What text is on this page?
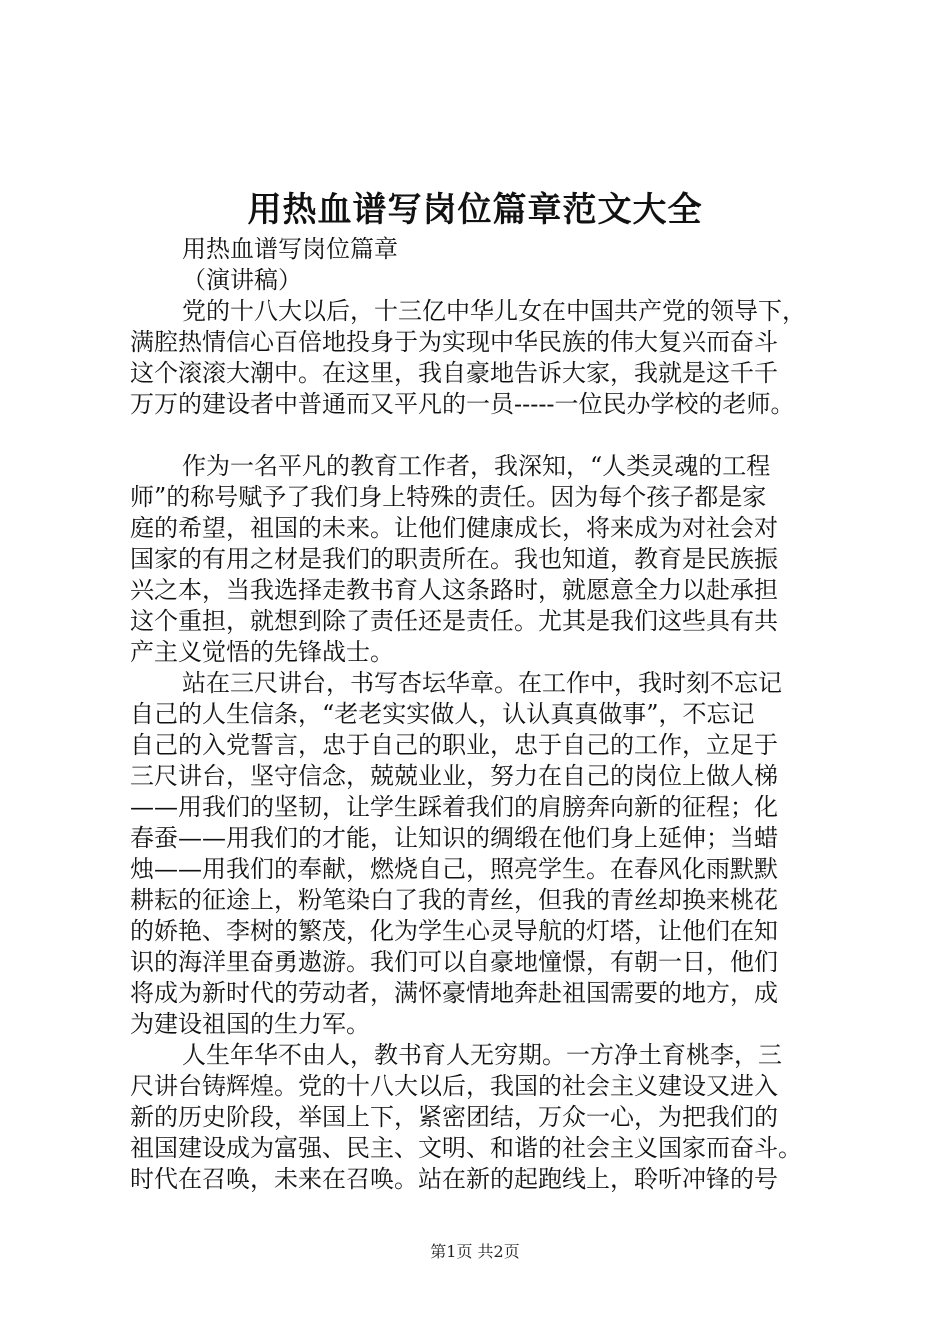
用热血谱写岗位篇章范文大全
用热血谱写岗位篇章
（演讲稿）
党的十八大以后，十三亿中华儿女在中国共产党的领导下，
满腔热情信心百倍地投身于为实现中华民族的伟大复兴而奋斗
这个滚滚大潮中。在这里，我自豪地告诉大家，我就是这千千
万万的建设者中普通而又平凡的一员-----一位民办学校的老师。
作为一名平凡的教育工作者，我深知，“人类灵魂的工程
师”的称号赋予了我们身上特殊的责任。因为每个孩子都是家
庭的希望，祖国的未来。让他们健康成长，将来成为对社会对
国家的有用之材是我们的职责所在。我也知道，教育是民族振
兴之本，当我选择走教书育人这条路时，就愿意全力以赴承担
这个重担，就想到除了责任还是责任。尤其是我们这些具有共
产主义觉悟的先锋战士。
站在三尺讲台，书写杏坛华章。在工作中，我时刻不忘记
自己的人生信条，“老老实实做人，认认真真做事”，不忘记
自己的入党誓言，忠于自己的职业，忠于自己的工作，立足于
三尺讲台，坚守信念，兢兢业业，努力在自己的岗位上做人梯
——用我们的坚韧，让学生踩着我们的肩膀奔向新的征程；化
春蚕——用我们的才能，让知识的绸缎在他们身上延伸；当蜡
烛——用我们的奉献，燃烧自己，照亮学生。在春风化雨默默
耕耘的征途上，粉笔染白了我的青丝，但我的青丝却换来桃花
的娇艳、李树的繁茂，化为学生心灵导航的灯塔，让他们在知
识的海洋里奋勇遨游。我们可以自豪地憧憬，有朝一日，他们
将成为新时代的劳动者，满怀豪情地奔赴祖国需要的地方，成
为建设祖国的生力军。
人生年华不由人，教书育人无穷期。一方净土育桃李，三
尺讲台铸辉煌。党的十八大以后，我国的社会主义建设又进入
新的历史阶段，举国上下，紧密团结，万众一心，为把我们的
祖国建设成为富强、民主、文明、和谐的社会主义国家而奋斗。
时代在召唤，未来在召唤。站在新的起跑线上，聆听冲锋的号
第1页 共2页
